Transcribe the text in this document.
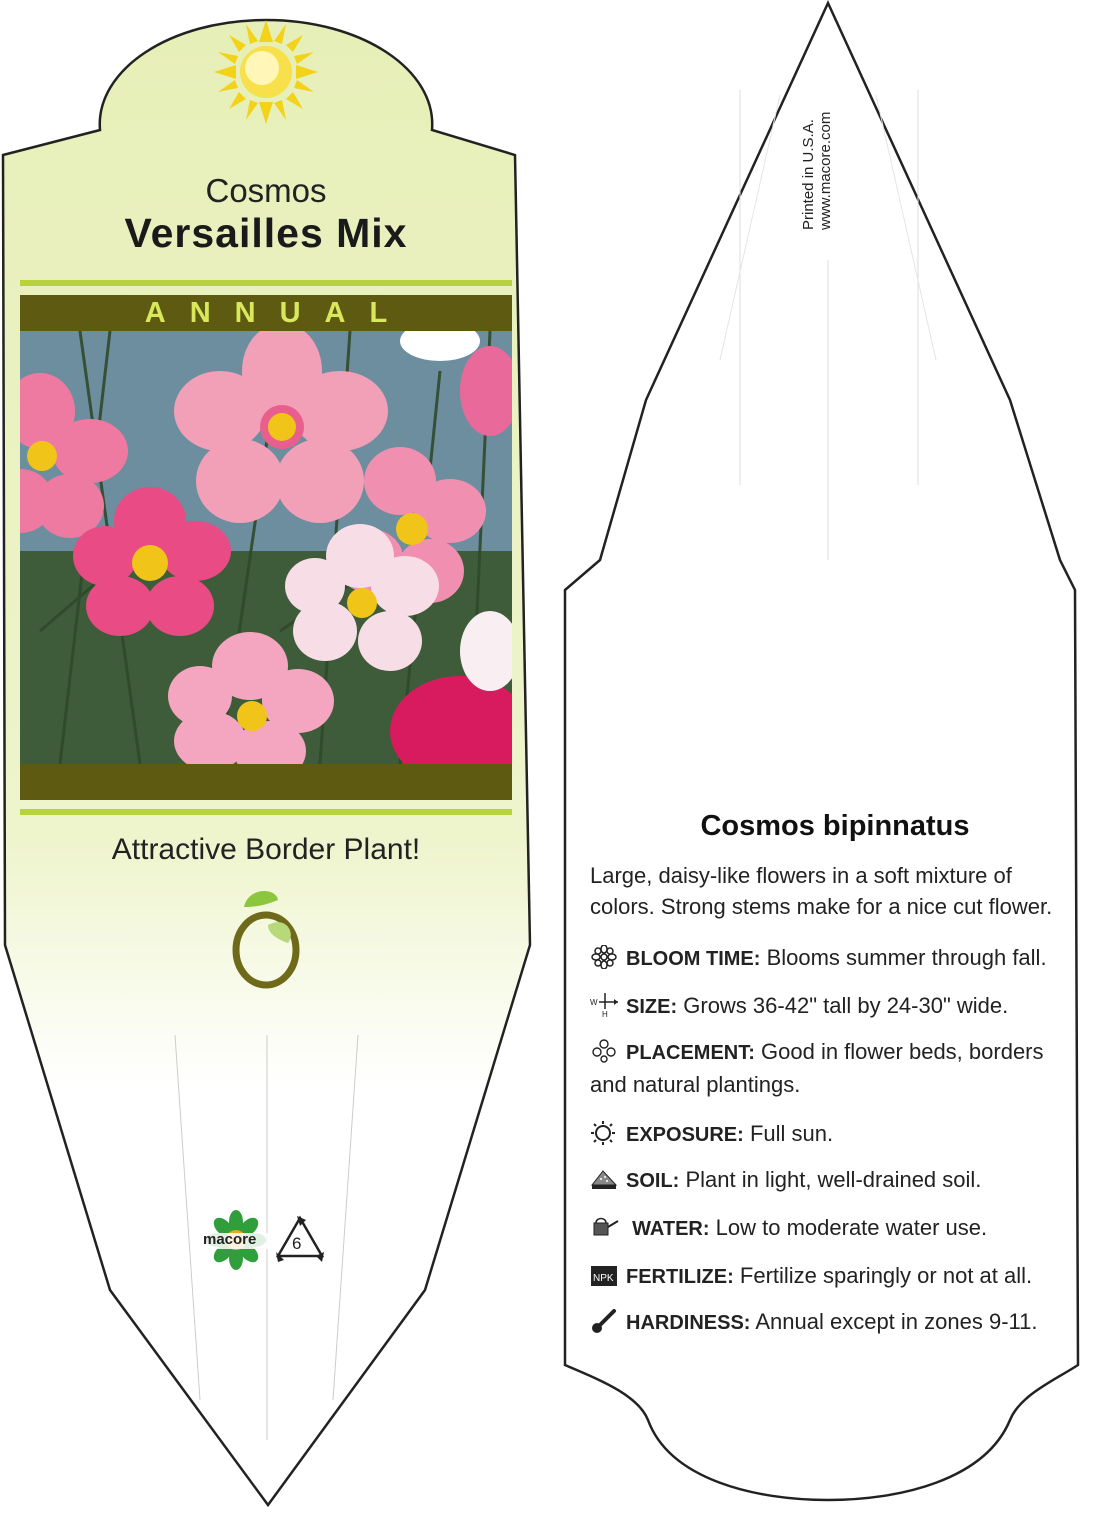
Cosmos
Versailles Mix
ANNUAL
Attractive Border Plant!
macore 6
Printed in U.S.A. www.macore.com
Cosmos bipinnatus
Large, daisy-like flowers in a soft mixture of colors. Strong stems make for a nice cut flower.
BLOOM TIME: Blooms summer through fall.
W
H SIZE: Grows 36-42" tall by 24-30" wide.
PLACEMENT: Good in flower beds, borders and natural plantings.
EXPOSURE: Full sun.
SOIL: Plant in light, well-drained soil.
WATER: Low to moderate water use.
NPK FERTILIZE: Fertilize sparingly or not at all.
HARDINESS: Annual except in zones 9-11.
